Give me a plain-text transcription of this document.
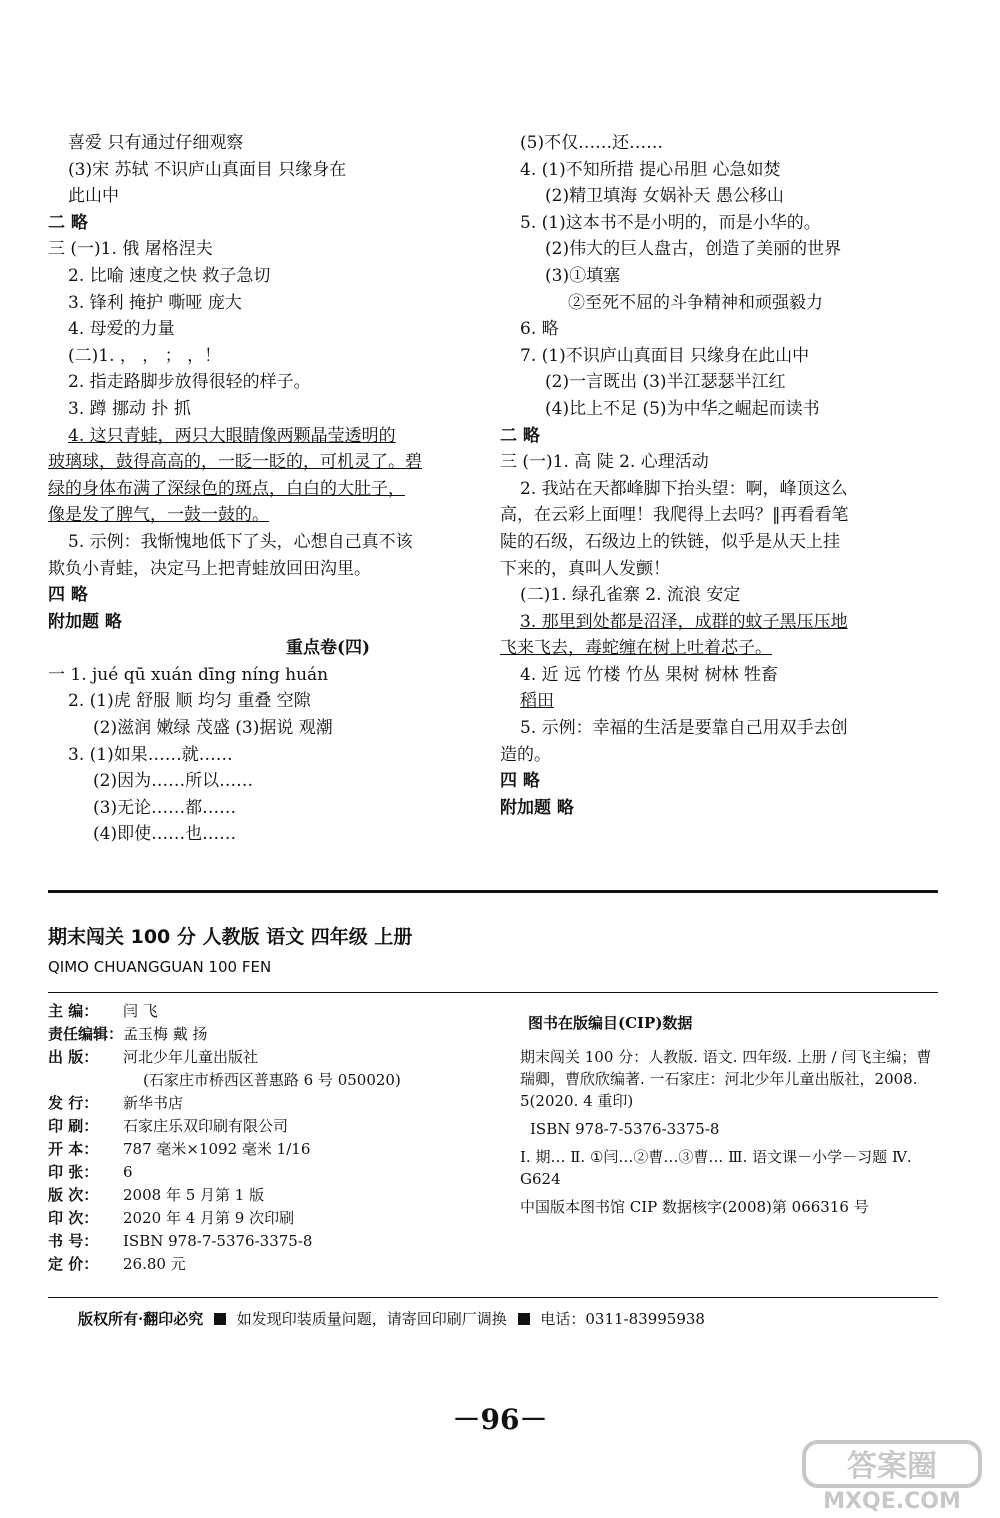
喜爱 只有通过仔细观察
(3)宋 苏轼 不识庐山真面目 只缘身在
此山中
二 略
三 (一)1. 俄 屠格涅夫
2. 比喻 速度之快 救子急切
3. 锋利 掩护 嘶哑 庞大
4. 母爱的力量
(二)1. ， ， ； ，！
2. 指走路脚步放得很轻的样子。
3. 蹲 挪动 扑 抓
4. 这只青蛙，两只大眼睛像两颗晶莹透明的
玻璃球，鼓得高高的，一眨一眨的，可机灵了。碧
绿的身体布满了深绿色的斑点，白白的大肚子，
像是发了脾气，一鼓一鼓的。
5. 示例：我惭愧地低下了头，心想自己真不该
欺负小青蛙，决定马上把青蛙放回田沟里。
四 略
附加题 略
重点卷(四)
一 1. jué qū xuán dīng níng huán
2. (1)虎 舒服 顺 均匀 重叠 空隙
(2)滋润 嫩绿 茂盛 (3)据说 观潮
3. (1)如果……就……
(2)因为……所以……
(3)无论……都……
(4)即使……也……
(5)不仅……还……
4. (1)不知所措 提心吊胆 心急如焚
(2)精卫填海 女娲补天 愚公移山
5. (1)这本书不是小明的，而是小华的。
(2)伟大的巨人盘古，创造了美丽的世界
(3)①填塞
②至死不屈的斗争精神和顽强毅力
6. 略
7. (1)不识庐山真面目 只缘身在此山中
(2)一言既出 (3)半江瑟瑟半江红
(4)比上不足 (5)为中华之崛起而读书
二 略
三 (一)1. 高 陡 2. 心理活动
2. 我站在天都峰脚下抬头望：啊，峰顶这么
高，在云彩上面哩！我爬得上去吗？‖再看看笔
陡的石级，石级边上的铁链，似乎是从天上挂
下来的，真叫人发颤！
(二)1. 绿孔雀寨 2. 流浪 安定
3. 那里到处都是沼泽，成群的蚊子黑压压地
飞来飞去，毒蛇缠在树上吐着芯子。
4. 近 远 竹楼 竹丛 果树 树林 牲畜
稻田
5. 示例：幸福的生活是要靠自己用双手去创
造的。
四 略
附加题 略
期末闯关 100 分 人教版 语文 四年级 上册
QIMO CHUANGGUAN 100 FEN
主 编： 闫 飞
责任编辑：孟玉梅 戴 扬
出 版： 河北少年儿童出版社
(石家庄市桥西区普惠路 6 号 050020)
发 行： 新华书店
印 刷： 石家庄乐双印刷有限公司
开 本： 787 毫米×1092 毫米 1/16
印 张： 6
版 次： 2008 年 5 月第 1 版
印 次： 2020 年 4 月第 9 次印刷
书 号： ISBN 978-7-5376-3375-8
定 价： 26.80 元
图书在版编目(CIP)数据

期末闯关 100 分：人教版. 语文. 四年级. 上册 / 闫飞主编；曹瑞卿，曹欣欣编著. 一石家庄：河北少年儿童出版社，2008. 5(2020. 4 重印)

ISBN 978-7-5376-3375-8

Ⅰ. 期… Ⅱ. ①闫…②曹…③曹… Ⅲ. 语文课－小学－习题 Ⅳ. G624

中国版本图书馆 CIP 数据核字(2008)第 066316 号

版权所有·翻印必究 如发现印装质量问题，请寄回印刷厂调换 电话：0311-83995938
－96－
答案圈
MXQE.COM
